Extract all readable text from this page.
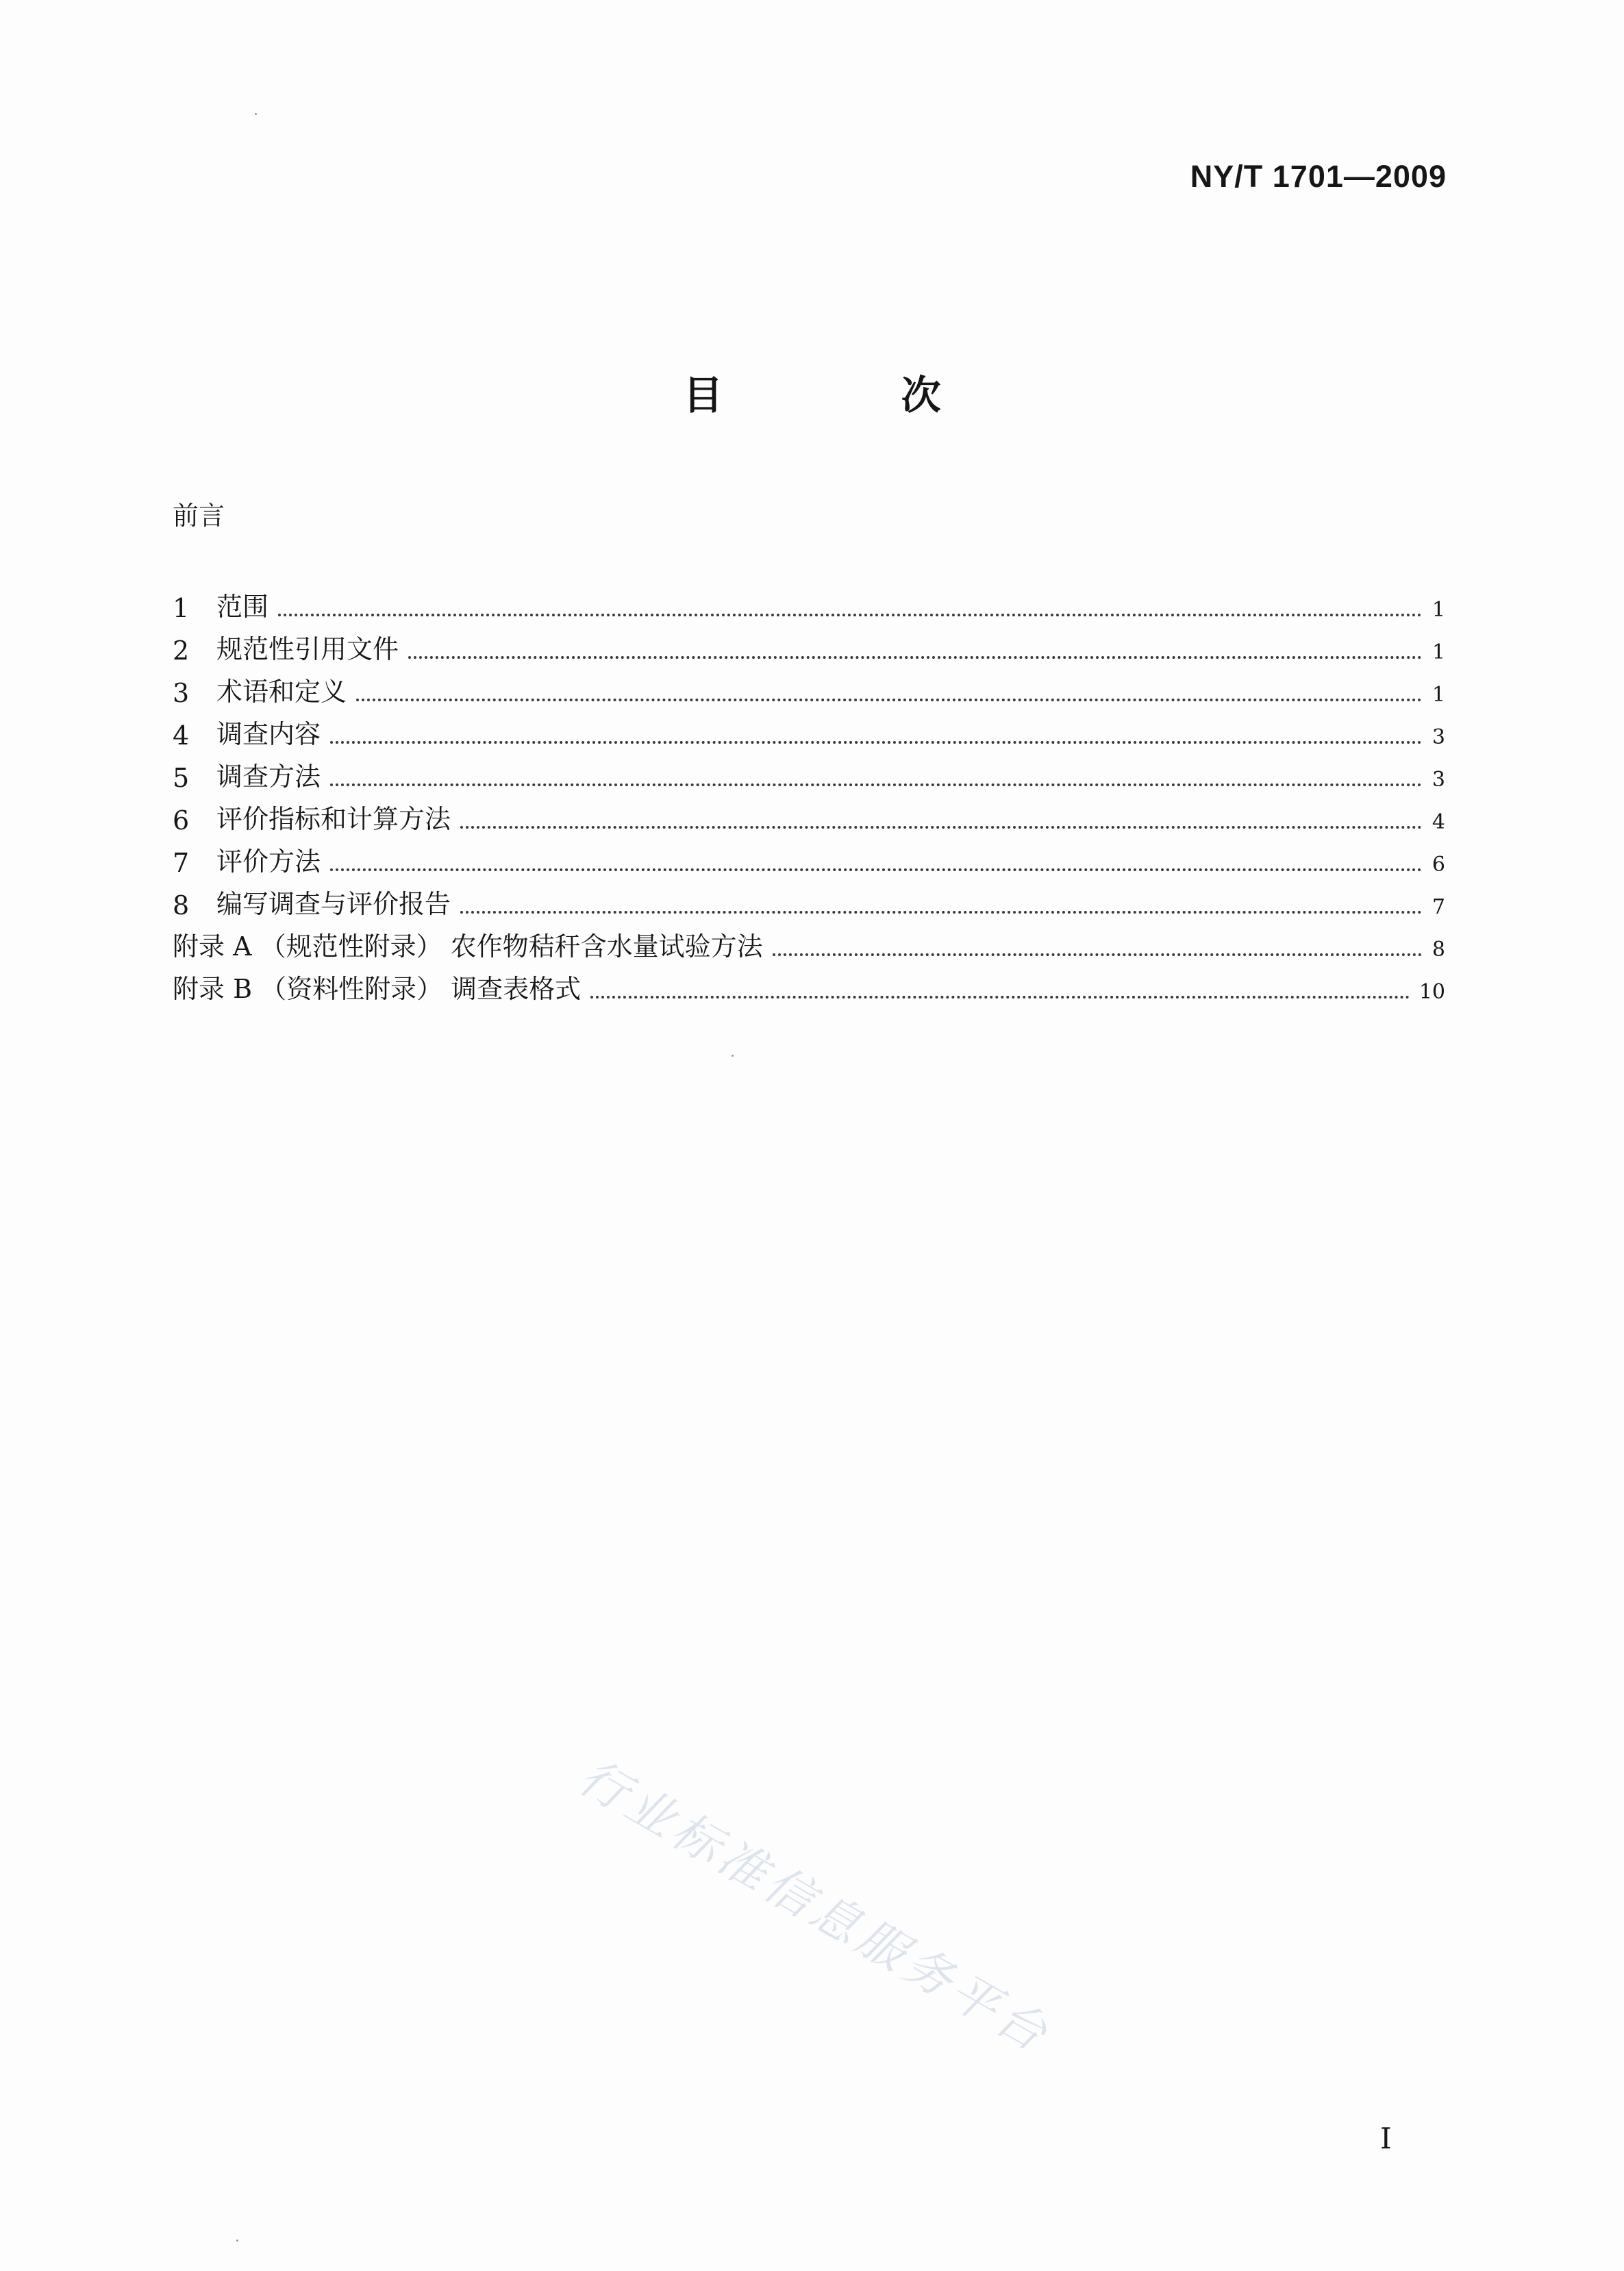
NY/T 1701—2009
目 次
前言
1	范围	1
2	规范性引用文件	1
3	术语和定义	1
4	调查内容	3
5	调查方法	3
6	评价指标和计算方法	4
7	评价方法	6
8	编写调查与评价报告	7
附录 A （规范性附录） 农作物秸秆含水量试验方法	8
附录 B （资料性附录） 调查表格式	10
行业标准信息服务平台
I
